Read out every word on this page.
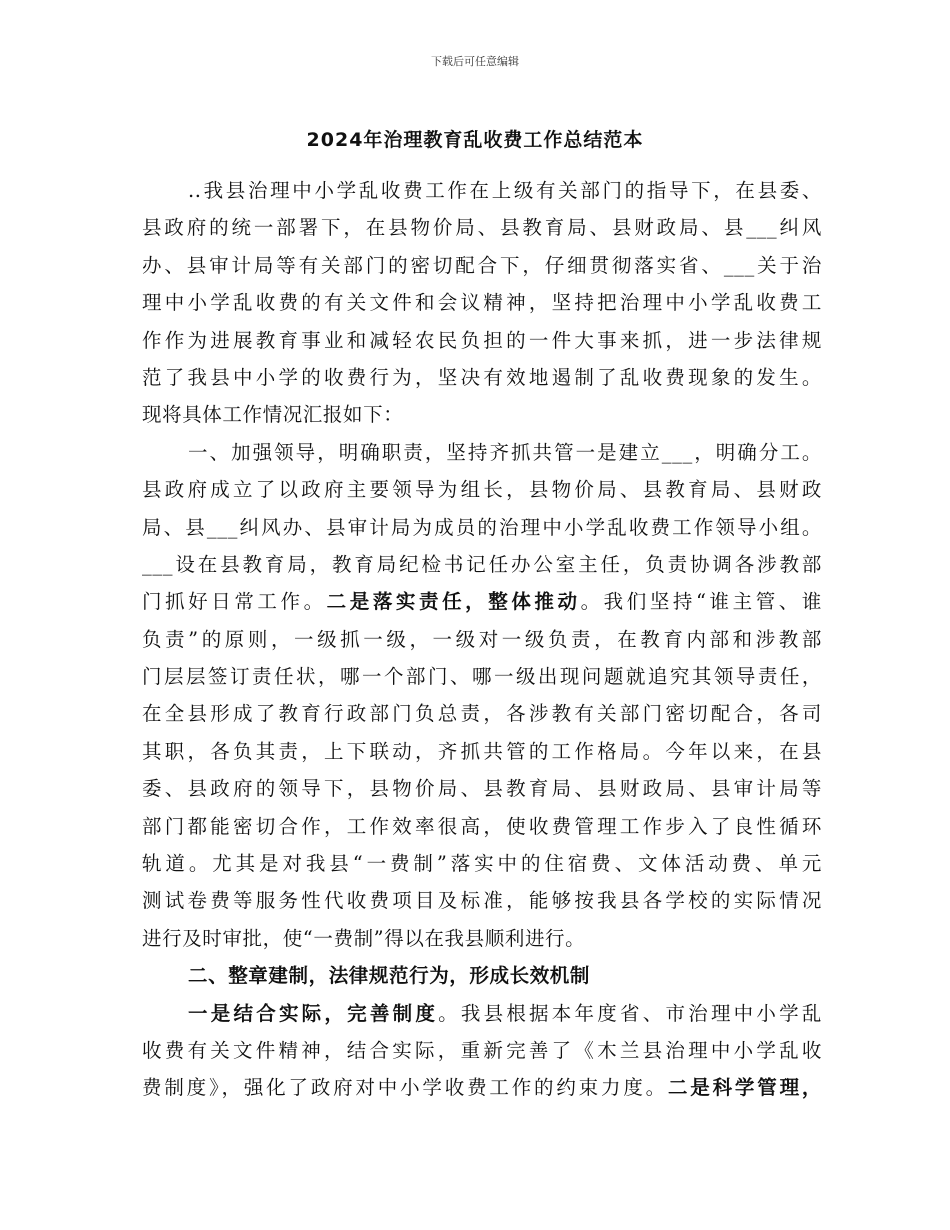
下载后可任意编辑
2024年治理教育乱收费工作总结范本
..我县治理中小学乱收费工作在上级有关部门的指导下，在县委、
县政府的统一部署下，在县物价局、县教育局、县财政局、县___纠风
办、县审计局等有关部门的密切配合下，仔细贯彻落实省、___关于治
理中小学乱收费的有关文件和会议精神，坚持把治理中小学乱收费工
作作为进展教育事业和减轻农民负担的一件大事来抓，进一步法律规
范了我县中小学的收费行为，坚决有效地遏制了乱收费现象的发生。
现将具体工作情况汇报如下：
一、加强领导，明确职责，坚持齐抓共管一是建立___，明确分工。
县政府成立了以政府主要领导为组长，县物价局、县教育局、县财政
局、县___纠风办、县审计局为成员的治理中小学乱收费工作领导小组。
___设在县教育局，教育局纪检书记任办公室主任，负责协调各涉教部
门抓好日常工作。二是落实责任，整体推动。我们坚持“谁主管、谁
负责”的原则，一级抓一级，一级对一级负责，在教育内部和涉教部
门层层签订责任状，哪一个部门、哪一级出现问题就追究其领导责任，
在全县形成了教育行政部门负总责，各涉教有关部门密切配合，各司
其职，各负其责，上下联动，齐抓共管的工作格局。今年以来，在县
委、县政府的领导下，县物价局、县教育局、县财政局、县审计局等
部门都能密切合作，工作效率很高，使收费管理工作步入了良性循环
轨道。尤其是对我县“一费制”落实中的住宿费、文体活动费、单元
测试卷费等服务性代收费项目及标准，能够按我县各学校的实际情况
进行及时审批，使“一费制”得以在我县顺利进行。
二、整章建制，法律规范行为，形成长效机制
一是结合实际，完善制度。我县根据本年度省、市治理中小学乱
收费有关文件精神，结合实际，重新完善了《木兰县治理中小学乱收
费制度》，强化了政府对中小学收费工作的约束力度。二是科学管理，
